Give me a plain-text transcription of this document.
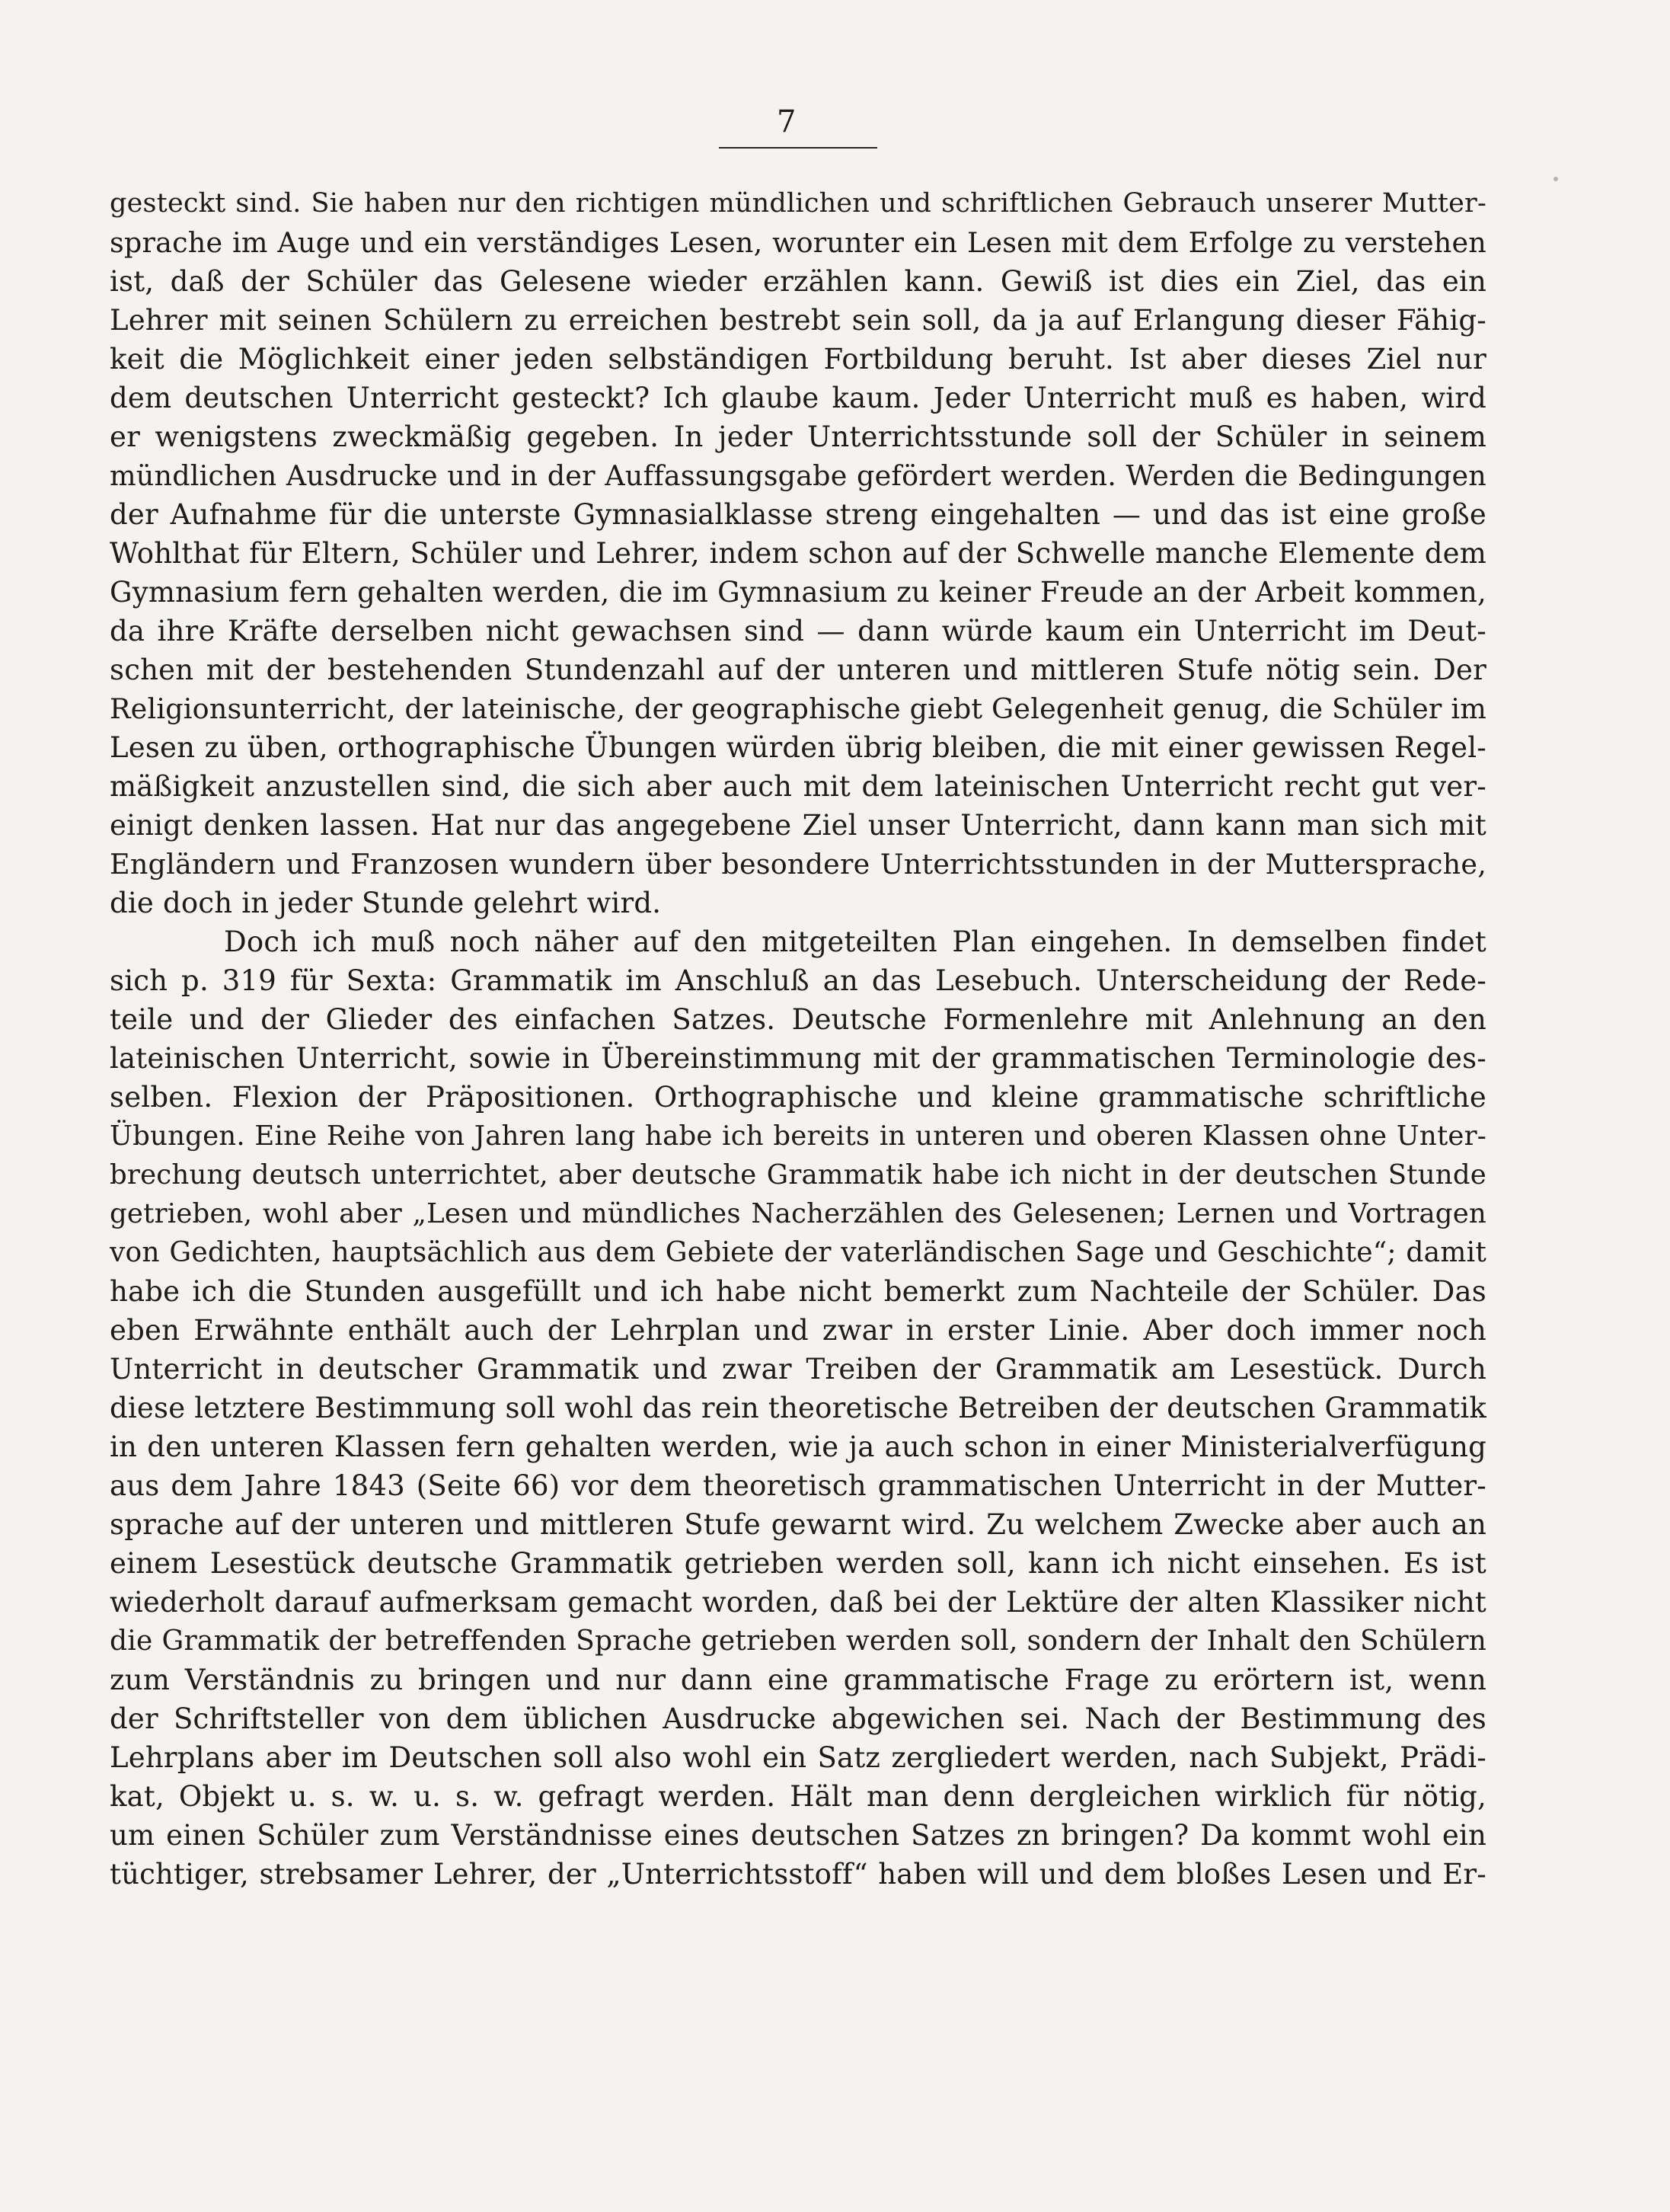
7

gesteckt sind. Sie haben nur den richtigen mündlichen und schriftlichen Gebrauch unserer Mutter-

sprache im Auge und ein verständiges Lesen, worunter ein Lesen mit dem Erfolge zu verstehen

ist, daß der Schüler das Gelesene wieder erzählen kann. Gewiß ist dies ein Ziel, das ein

Lehrer mit seinen Schülern zu erreichen bestrebt sein soll, da ja auf Erlangung dieser Fähig-

keit die Möglichkeit einer jeden selbständigen Fortbildung beruht. Ist aber dieses Ziel nur

dem deutschen Unterricht gesteckt? Ich glaube kaum. Jeder Unterricht muß es haben, wird

er wenigstens zweckmäßig gegeben. In jeder Unterrichtsstunde soll der Schüler in seinem

mündlichen Ausdrucke und in der Auffassungsgabe gefördert werden. Werden die Bedingungen

der Aufnahme für die unterste Gymnasialklasse streng eingehalten — und das ist eine große

Wohlthat für Eltern, Schüler und Lehrer, indem schon auf der Schwelle manche Elemente dem

Gymnasium fern gehalten werden, die im Gymnasium zu keiner Freude an der Arbeit kommen,

da ihre Kräfte derselben nicht gewachsen sind — dann würde kaum ein Unterricht im Deut-

schen mit der bestehenden Stundenzahl auf der unteren und mittleren Stufe nötig sein. Der

Religionsunterricht, der lateinische, der geographische giebt Gelegenheit genug, die Schüler im

Lesen zu üben, orthographische Übungen würden übrig bleiben, die mit einer gewissen Regel-

mäßigkeit anzustellen sind, die sich aber auch mit dem lateinischen Unterricht recht gut ver-

einigt denken lassen. Hat nur das angegebene Ziel unser Unterricht, dann kann man sich mit

Engländern und Franzosen wundern über besondere Unterrichtsstunden in der Muttersprache,

die doch in jeder Stunde gelehrt wird.

Doch ich muß noch näher auf den mitgeteilten Plan eingehen. In demselben findet

sich p. 319 für Sexta: Grammatik im Anschluß an das Lesebuch. Unterscheidung der Rede-

teile und der Glieder des einfachen Satzes. Deutsche Formenlehre mit Anlehnung an den

lateinischen Unterricht, sowie in Übereinstimmung mit der grammatischen Terminologie des-

selben. Flexion der Präpositionen. Orthographische und kleine grammatische schriftliche

Übungen. Eine Reihe von Jahren lang habe ich bereits in unteren und oberen Klassen ohne Unter-

brechung deutsch unterrichtet, aber deutsche Grammatik habe ich nicht in der deutschen Stunde

getrieben, wohl aber „Lesen und mündliches Nacherzählen des Gelesenen; Lernen und Vortragen

von Gedichten, hauptsächlich aus dem Gebiete der vaterländischen Sage und Geschichte“; damit

habe ich die Stunden ausgefüllt und ich habe nicht bemerkt zum Nachteile der Schüler. Das

eben Erwähnte enthält auch der Lehrplan und zwar in erster Linie. Aber doch immer noch

Unterricht in deutscher Grammatik und zwar Treiben der Grammatik am Lesestück. Durch

diese letztere Bestimmung soll wohl das rein theoretische Betreiben der deutschen Grammatik

in den unteren Klassen fern gehalten werden, wie ja auch schon in einer Ministerialverfügung

aus dem Jahre 1843 (Seite 66) vor dem theoretisch grammatischen Unterricht in der Mutter-

sprache auf der unteren und mittleren Stufe gewarnt wird. Zu welchem Zwecke aber auch an

einem Lesestück deutsche Grammatik getrieben werden soll, kann ich nicht einsehen. Es ist

wiederholt darauf aufmerksam gemacht worden, daß bei der Lektüre der alten Klassiker nicht

die Grammatik der betreffenden Sprache getrieben werden soll, sondern der Inhalt den Schülern

zum Verständnis zu bringen und nur dann eine grammatische Frage zu erörtern ist, wenn

der Schriftsteller von dem üblichen Ausdrucke abgewichen sei. Nach der Bestimmung des

Lehrplans aber im Deutschen soll also wohl ein Satz zergliedert werden, nach Subjekt, Prädi-

kat, Objekt u. s. w. u. s. w. gefragt werden. Hält man denn dergleichen wirklich für nötig,

um einen Schüler zum Verständnisse eines deutschen Satzes zn bringen? Da kommt wohl ein

tüchtiger, strebsamer Lehrer, der „Unterrichtsstoff“ haben will und dem bloßes Lesen und Er-
